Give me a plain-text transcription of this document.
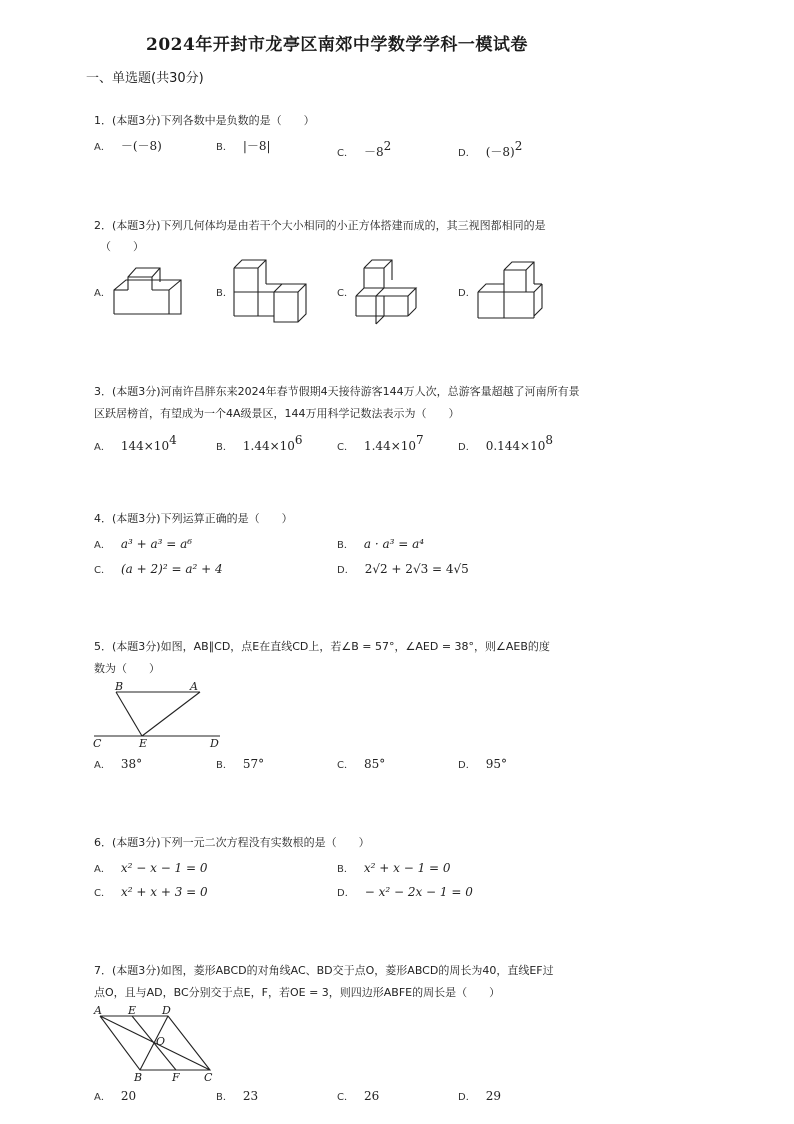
2024年开封市龙亭区南郊中学数学学科一模试卷
一、单选题(共30分)
1．(本题3分)下列各数中是负数的是（　　）
A． －(－8)	B． |－8|
C． $-8^2$
D． $(-8)^2$
2．(本题3分)下列几何体均是由若干个大小相同的小正方体搭建而成的，其三视图都相同的是
（　　）
A．	B．	C．	D．
3．(本题3分)河南许昌胖东来2024年春节假期4天接待游客144万人次，总游客量超越了河南所有景
区跃居榜首，有望成为一个4A级景区，144万用科学记数法表示为（　　）
A． $144\times 10^4$
B． $1.44\times 10^6$
C． $1.44\times 10^7$
D． $0.144\times 10^8$
4．(本题3分)下列运算正确的是（　　）
A． a³ + a³ = a⁶	B． a · a³ = a⁴
C． (a + 2)² = a² + 4	D． 2√2 + 2√3 = 4√5
5．(本题3分)如图，AB∥CD，点E在直线CD上，若∠B = 57°，∠AED = 38°，则∠AEB的度
数为（　　）
B	A
C	E	D
A． 38°	B． 57°	C． 85°	D． 95°
6．(本题3分)下列一元二次方程没有实数根的是（　　）
A． x² − x − 1 = 0	B． x² + x − 1 = 0
C． x² + x + 3 = 0	D． − x² − 2x − 1 = 0
7．(本题3分)如图，菱形ABCD的对角线AC、BD交于点O，菱形ABCD的周长为40，直线EF过
点O，且与AD，BC分别交于点E，F，若OE = 3，则四边形ABFE的周长是（　　）
A E D
O
B	F C
A． 20	B． 23	C． 26	D． 29
